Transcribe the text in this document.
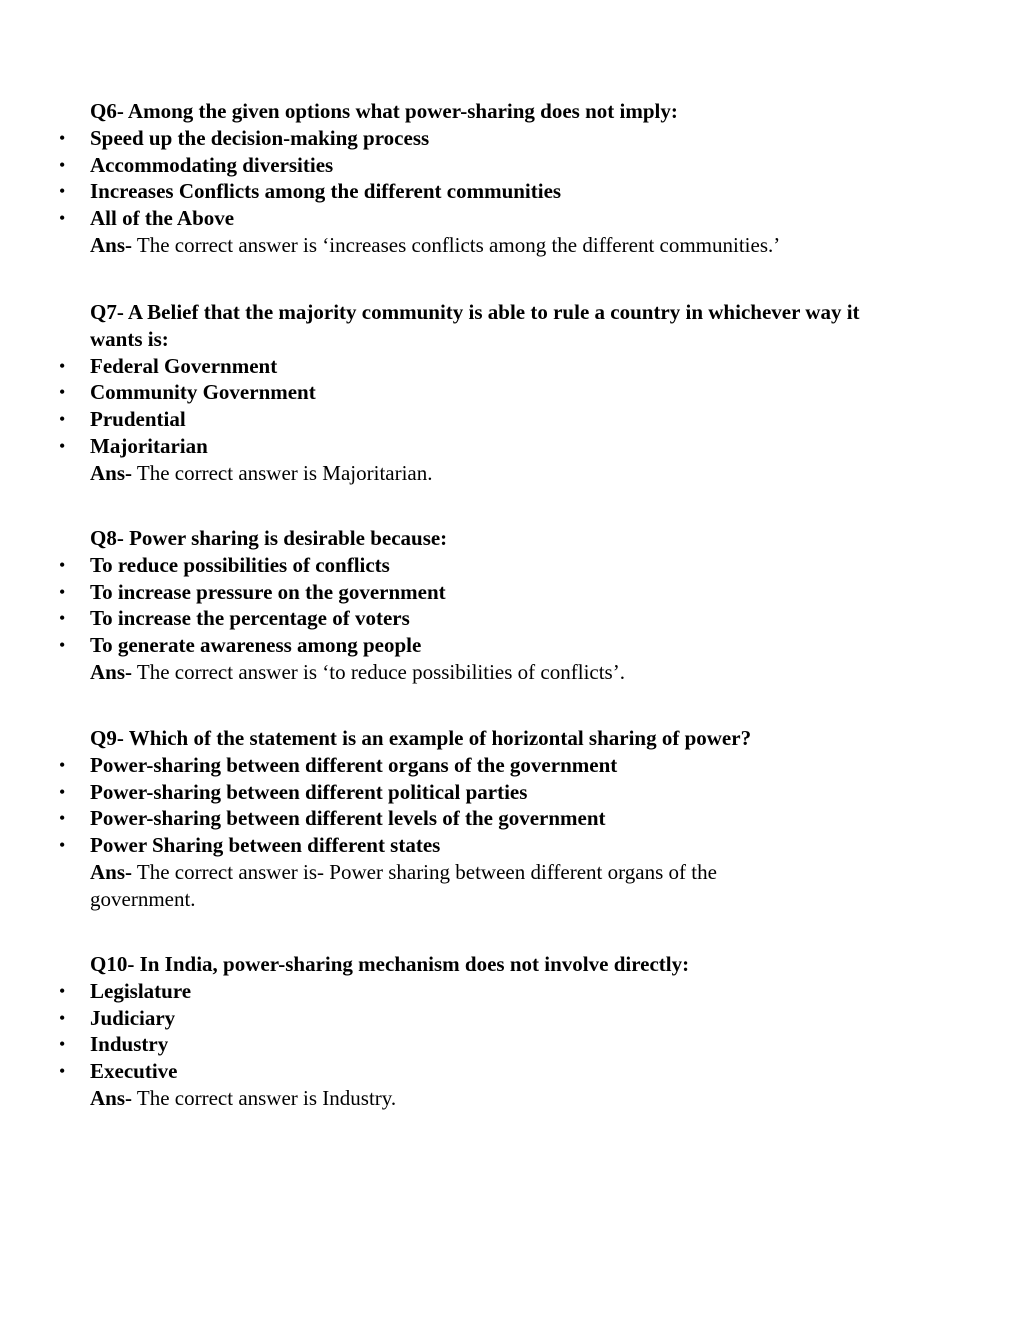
Q6- Among the given options what power-sharing does not imply:

• Speed up the decision-making process
• Accommodating diversities
• Increases Conflicts among the different communities
• All of the Above

Ans- The correct answer is ‘increases conflicts among the different communities.’

Q7- A Belief that the majority community is able to rule a country in whichever way it wants is:

• Federal Government
• Community Government
• Prudential
• Majoritarian

Ans- The correct answer is Majoritarian.

Q8- Power sharing is desirable because:

• To reduce possibilities of conflicts
• To increase pressure on the government
• To increase the percentage of voters
• To generate awareness among people

Ans- The correct answer is ‘to reduce possibilities of conflicts’.

Q9- Which of the statement is an example of horizontal sharing of power?

• Power-sharing between different organs of the government
• Power-sharing between different political parties
• Power-sharing between different levels of the government
• Power Sharing between different states

Ans- The correct answer is- Power sharing between different organs of the government.

Q10- In India, power-sharing mechanism does not involve directly:

• Legislature
• Judiciary
• Industry
• Executive

Ans- The correct answer is Industry.
